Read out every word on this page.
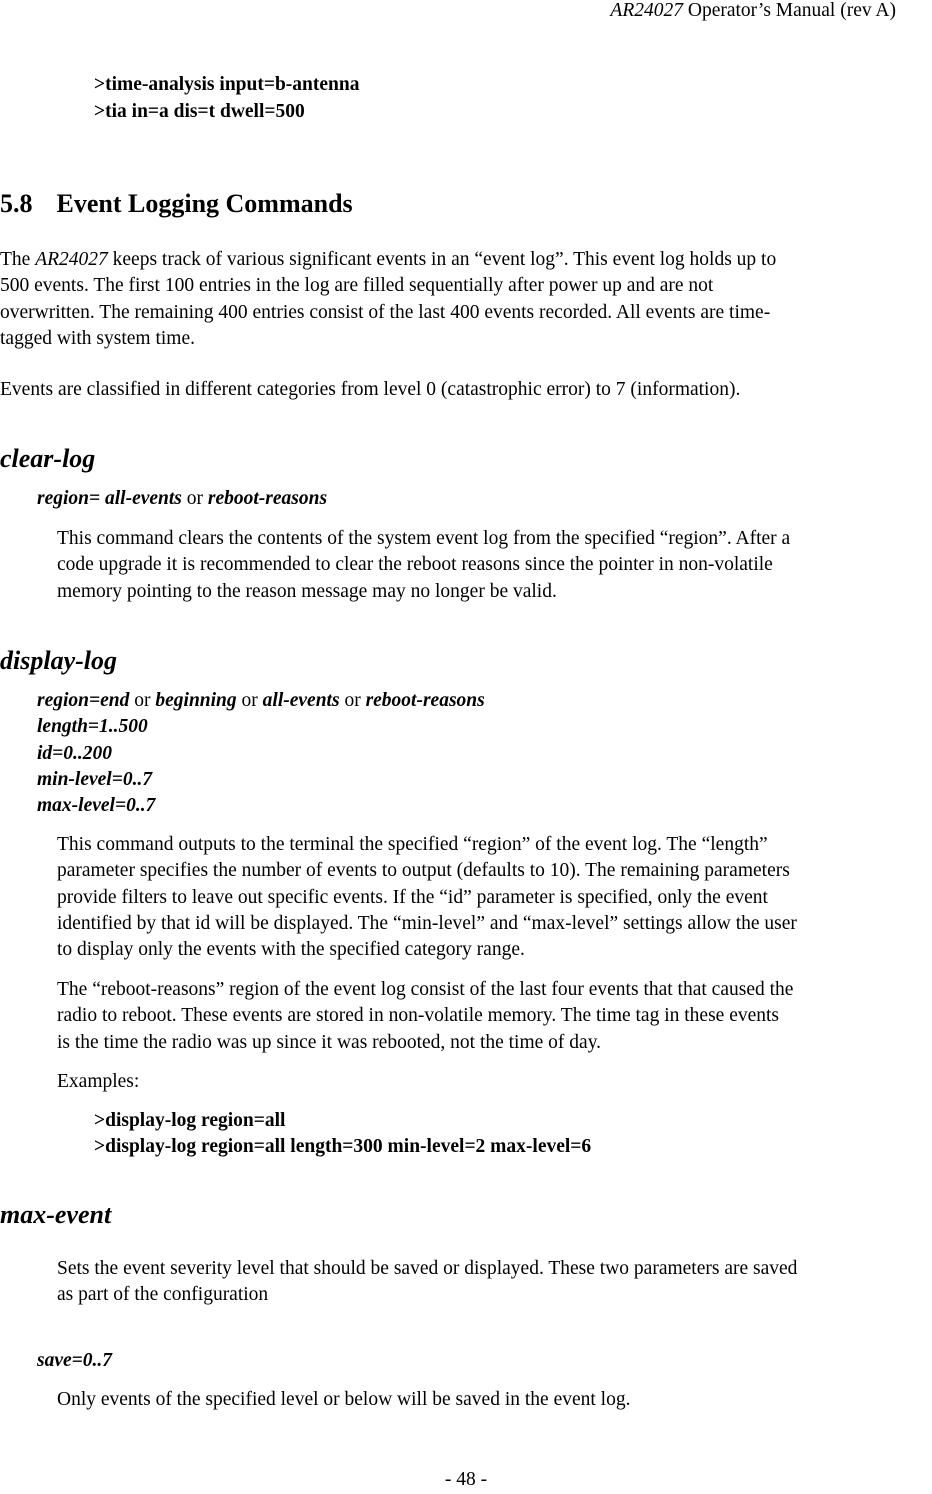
AR24027 Operator’s Manual (rev A)
>time-analysis input=b-antenna
>tia in=a dis=t dwell=500
5.8 Event Logging Commands
The AR24027 keeps track of various significant events in an “event log”. This event log holds up to
500 events. The first 100 entries in the log are filled sequentially after power up and are not
overwritten. The remaining 400 entries consist of the last 400 events recorded. All events are time-
tagged with system time.
Events are classified in different categories from level 0 (catastrophic error) to 7 (information).
clear-log
region= all-events or reboot-reasons
This command clears the contents of the system event log from the specified “region”. After a
code upgrade it is recommended to clear the reboot reasons since the pointer in non-volatile
memory pointing to the reason message may no longer be valid.
display-log
region=end or beginning or all-events or reboot-reasons
length=1..500
id=0..200
min-level=0..7
max-level=0..7
This command outputs to the terminal the specified “region” of the event log. The “length”
parameter specifies the number of events to output (defaults to 10). The remaining parameters
provide filters to leave out specific events. If the “id” parameter is specified, only the event
identified by that id will be displayed. The “min-level” and “max-level” settings allow the user
to display only the events with the specified category range.
The “reboot-reasons” region of the event log consist of the last four events that that caused the
radio to reboot. These events are stored in non-volatile memory. The time tag in these events
is the time the radio was up since it was rebooted, not the time of day.
Examples:
>display-log region=all
>display-log region=all length=300 min-level=2 max-level=6
max-event
Sets the event severity level that should be saved or displayed. These two parameters are saved
as part of the configuration
save=0..7
Only events of the specified level or below will be saved in the event log.
- 48 -
